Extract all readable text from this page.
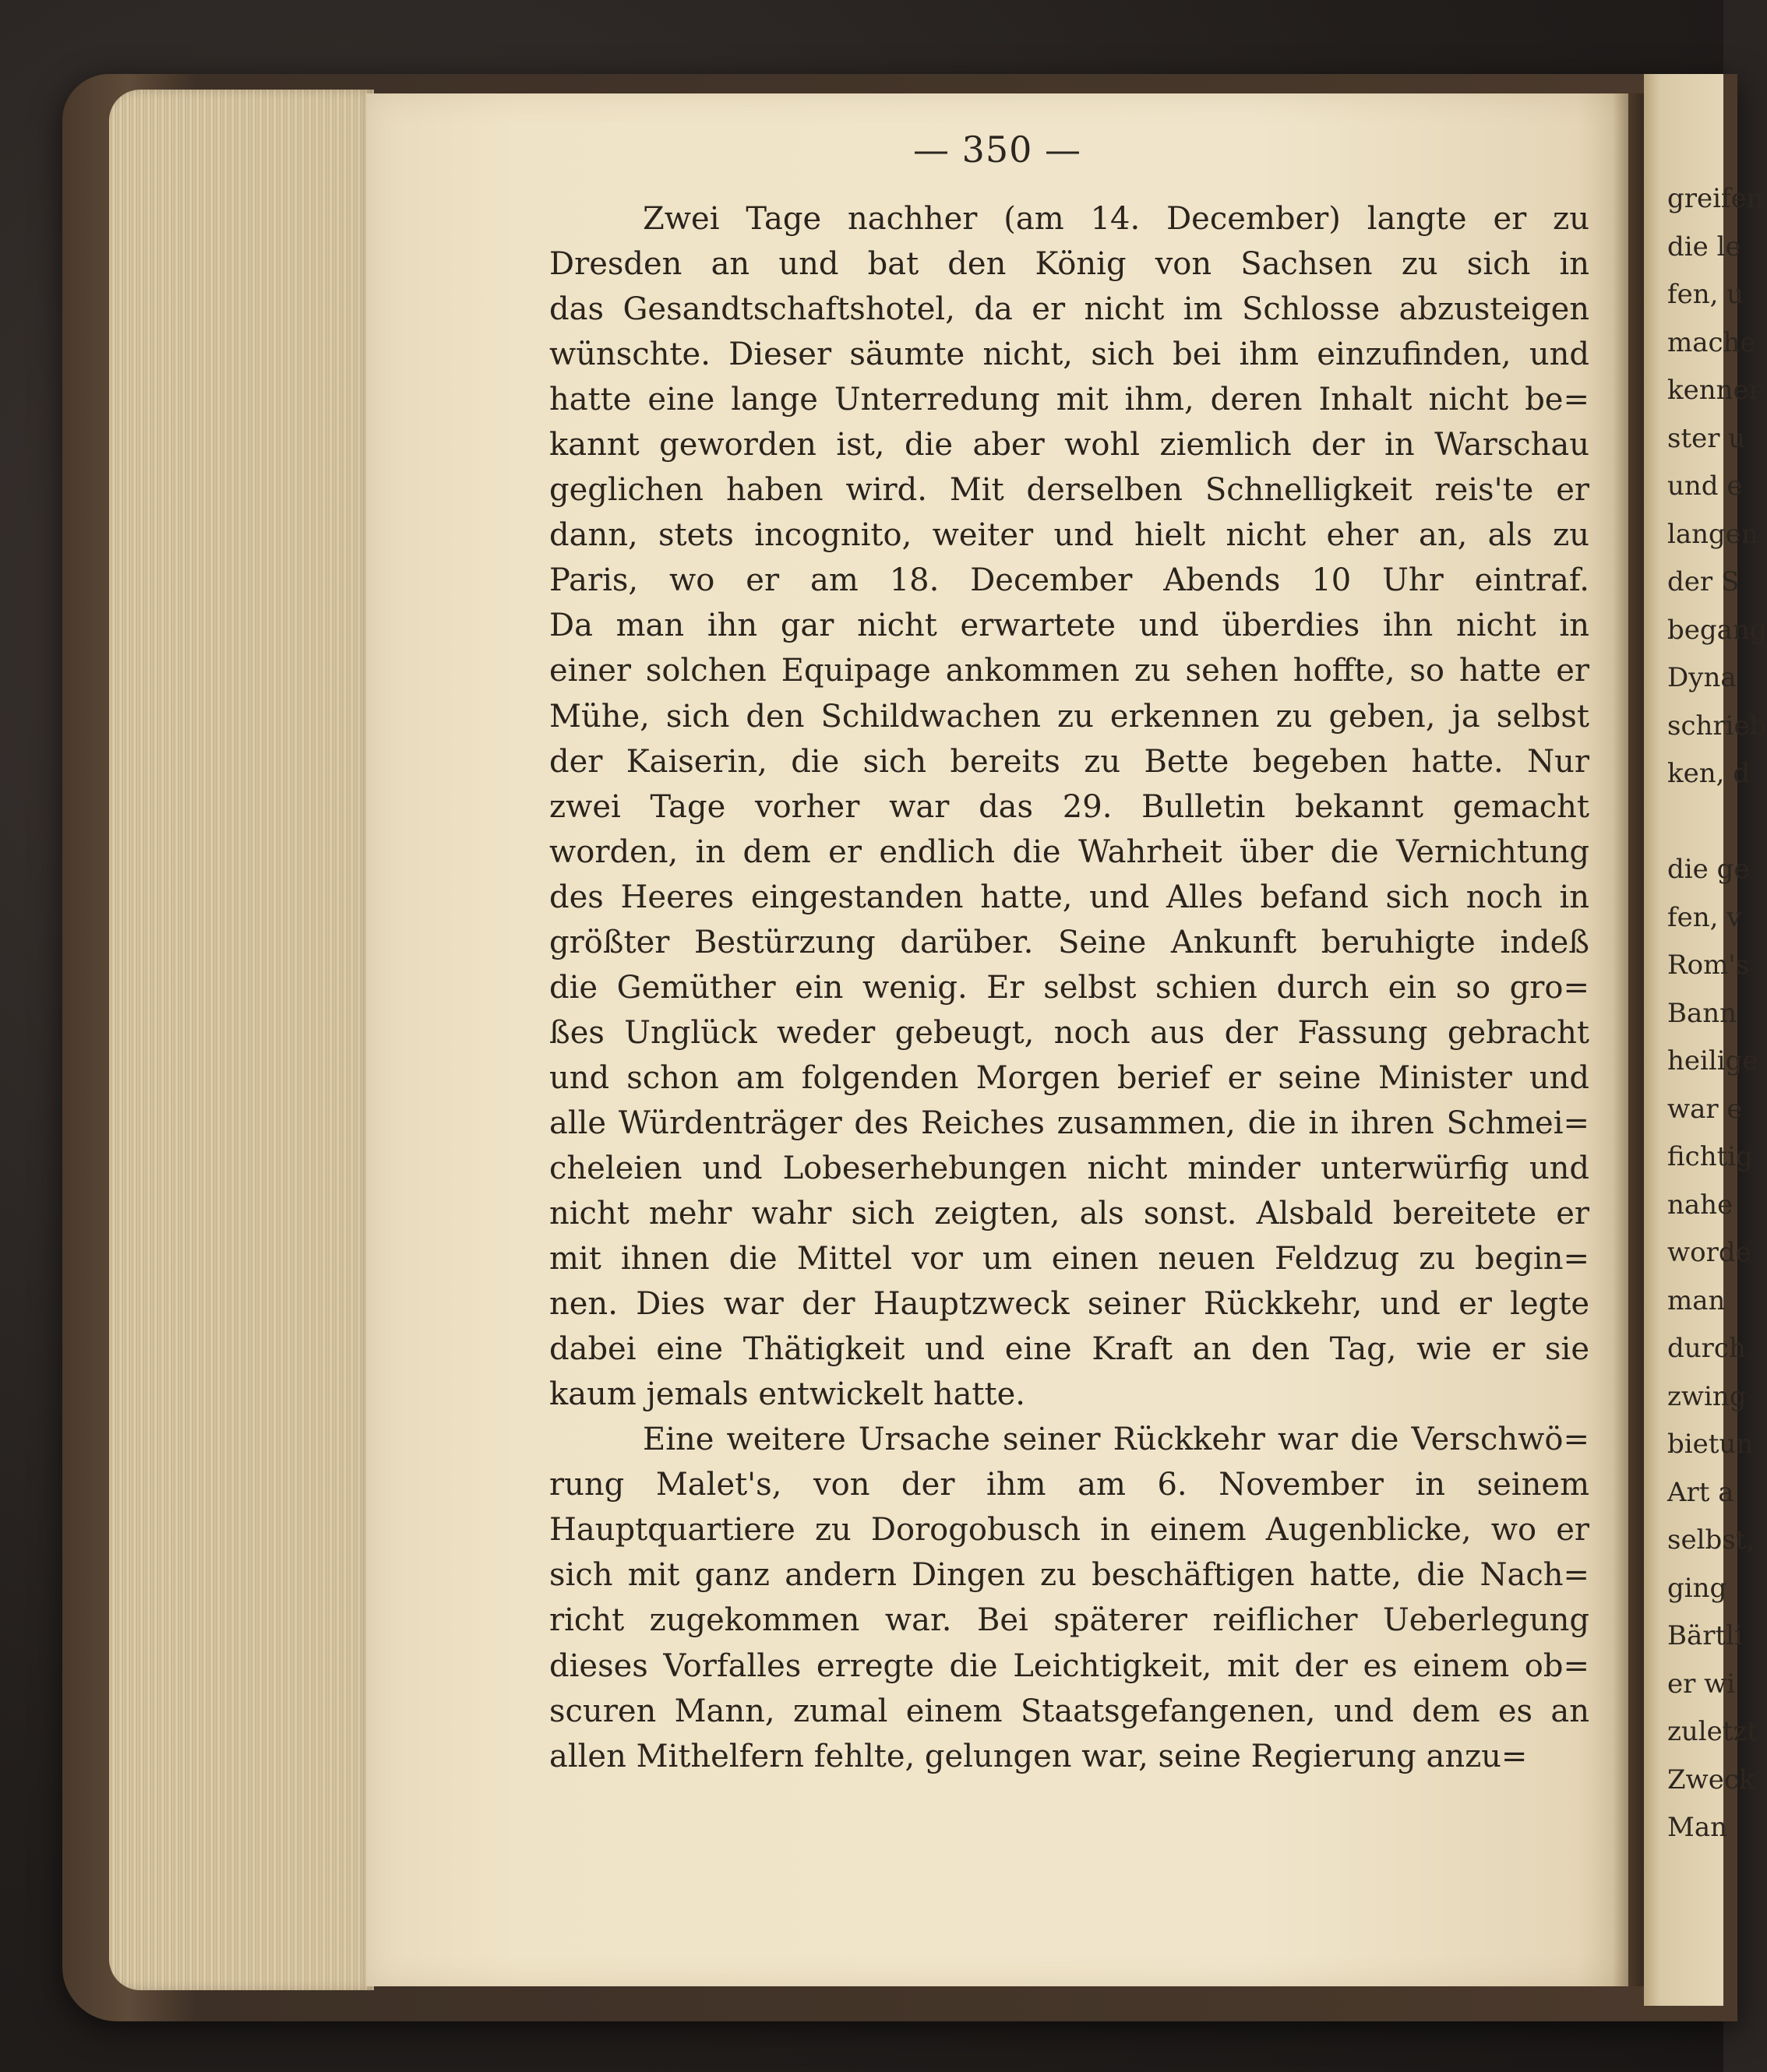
— 350 —
Zwei Tage nachher (am 14. December) langte er zu
Dresden an und bat den König von Sachsen zu sich in
das Gesandtschaftshotel, da er nicht im Schlosse abzusteigen
wünschte. Dieser säumte nicht, sich bei ihm einzufinden, und
hatte eine lange Unterredung mit ihm, deren Inhalt nicht be=
kannt geworden ist, die aber wohl ziemlich der in Warschau
geglichen haben wird. Mit derselben Schnelligkeit reis'te er
dann, stets incognito, weiter und hielt nicht eher an, als zu
Paris, wo er am 18. December Abends 10 Uhr eintraf.
Da man ihn gar nicht erwartete und überdies ihn nicht in
einer solchen Equipage ankommen zu sehen hoffte, so hatte er
Mühe, sich den Schildwachen zu erkennen zu geben, ja selbst
der Kaiserin, die sich bereits zu Bette begeben hatte. Nur
zwei Tage vorher war das 29. Bulletin bekannt gemacht
worden, in dem er endlich die Wahrheit über die Vernichtung
des Heeres eingestanden hatte, und Alles befand sich noch in
größter Bestürzung darüber. Seine Ankunft beruhigte indeß
die Gemüther ein wenig. Er selbst schien durch ein so gro=
ßes Unglück weder gebeugt, noch aus der Fassung gebracht
und schon am folgenden Morgen berief er seine Minister und
alle Würdenträger des Reiches zusammen, die in ihren Schmei=
cheleien und Lobeserhebungen nicht minder unterwürfig und
nicht mehr wahr sich zeigten, als sonst. Alsbald bereitete er
mit ihnen die Mittel vor um einen neuen Feldzug zu begin=
nen. Dies war der Hauptzweck seiner Rückkehr, und er legte
dabei eine Thätigkeit und eine Kraft an den Tag, wie er sie
kaum jemals entwickelt hatte.
Eine weitere Ursache seiner Rückkehr war die Verschwö=
rung Malet's, von der ihm am 6. November in seinem
Hauptquartiere zu Dorogobusch in einem Augenblicke, wo er
sich mit ganz andern Dingen zu beschäftigen hatte, die Nach=
richt zugekommen war. Bei späterer reiflicher Ueberlegung
dieses Vorfalles erregte die Leichtigkeit, mit der es einem ob=
scuren Mann, zumal einem Staatsgefangenen, und dem es an
allen Mithelfern fehlte, gelungen war, seine Regierung anzu=
greifen
die le
fen, u
mache
kenner
ster u
und e
langen
der S
begang
Dyna
schrieb
ken, d
die ge
fen, v
Rom's
Bann
heilige
war e
fichtig
nahe
worde
man
durch
zwing
bietun
Art a
selbst,
ging
Bärtli
er wi
zuletzt
Zweck
Man
